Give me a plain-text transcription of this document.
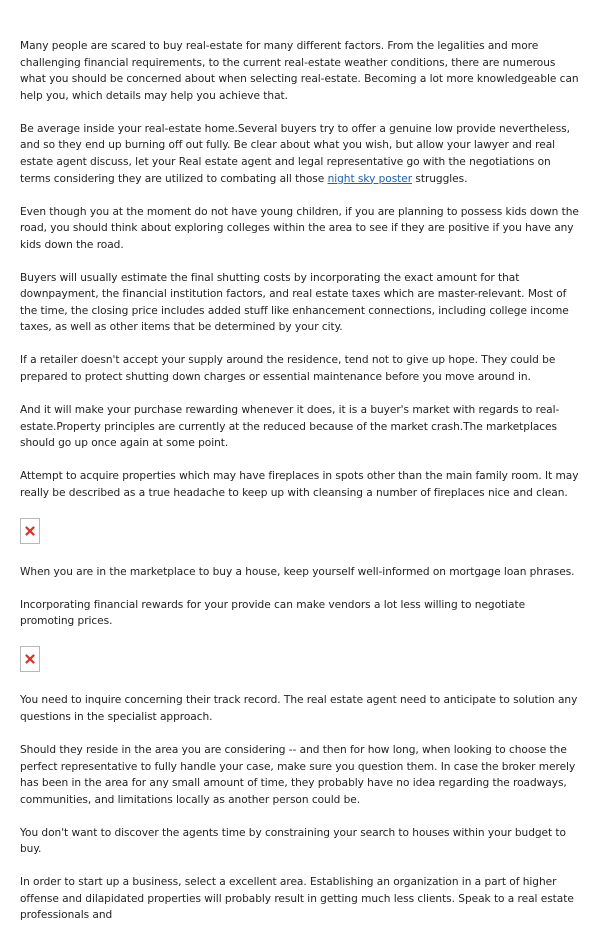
Many people are scared to buy real-estate for many different factors. From the legalities and more challenging financial requirements, to the current real-estate weather conditions, there are numerous what you should be concerned about when selecting real-estate. Becoming a lot more knowledgeable can help you, which details may help you achieve that.

Be average inside your real-estate home.Several buyers try to offer a genuine low provide nevertheless, and so they end up burning off out fully. Be clear about what you wish, but allow your lawyer and real estate agent discuss, let your Real estate agent and legal representative go with the negotiations on terms considering they are utilized to combating all those night sky poster struggles.

Even though you at the moment do not have young children, if you are planning to possess kids down the road, you should think about exploring colleges within the area to see if they are positive if you have any kids down the road.

Buyers will usually estimate the final shutting costs by incorporating the exact amount for that downpayment, the financial institution factors, and real estate taxes which are master-relevant. Most of the time, the closing price includes added stuff like enhancement connections, including college income taxes, as well as other items that be determined by your city.

If a retailer doesn't accept your supply around the residence, tend not to give up hope. They could be prepared to protect shutting down charges or essential maintenance before you move around in.

And it will make your purchase rewarding whenever it does, it is a buyer's market with regards to real-estate.Property principles are currently at the reduced because of the market crash.The marketplaces should go up once again at some point.

Attempt to acquire properties which may have fireplaces in spots other than the main family room. It may really be described as a true headache to keep up with cleansing a number of fireplaces nice and clean.

When you are in the marketplace to buy a house, keep yourself well-informed on mortgage loan phrases.

Incorporating financial rewards for your provide can make vendors a lot less willing to negotiate promoting prices.

You need to inquire concerning their track record. The real estate agent need to anticipate to solution any questions in the specialist approach.

Should they reside in the area you are considering -- and then for how long, when looking to choose the perfect representative to fully handle your case, make sure you question them. In case the broker merely has been in the area for any small amount of time, they probably have no idea regarding the roadways, communities, and limitations locally as another person could be.

You don't want to discover the agents time by constraining your search to houses within your budget to buy.

In order to start up a business, select a excellent area. Establishing an organization in a part of higher offense and dilapidated properties will probably result in getting much less clients. Speak to a real estate professionals and
